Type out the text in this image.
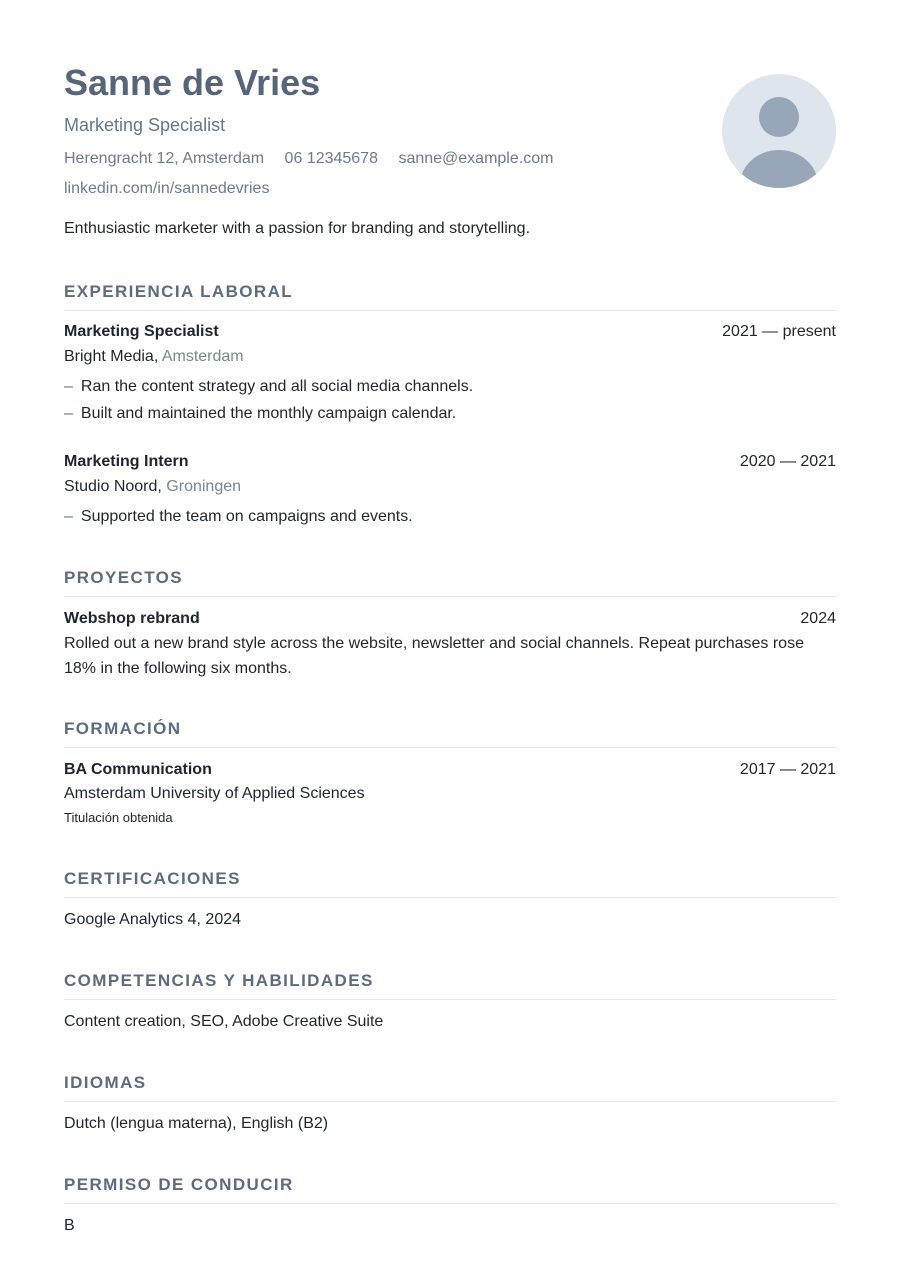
Sanne de Vries
Marketing Specialist
Herengracht 12, Amsterdam 06 12345678 sanne@example.com
linkedin.com/in/sannedevries
Enthusiastic marketer with a passion for branding and storytelling.
EXPERIENCIA LABORAL
Marketing Specialist	2021 — present
Bright Media, Amsterdam
– Ran the content strategy and all social media channels.
– Built and maintained the monthly campaign calendar.
Marketing Intern	2020 — 2021
Studio Noord, Groningen
– Supported the team on campaigns and events.
PROYECTOS
Webshop rebrand	2024
Rolled out a new brand style across the website, newsletter and social channels. Repeat purchases rose 18% in the following six months.
FORMACIÓN
BA Communication	2017 — 2021
Amsterdam University of Applied Sciences
Titulación obtenida
CERTIFICACIONES
Google Analytics 4, 2024
COMPETENCIAS Y HABILIDADES
Content creation, SEO, Adobe Creative Suite
IDIOMAS
Dutch (lengua materna), English (B2)
PERMISO DE CONDUCIR
B
